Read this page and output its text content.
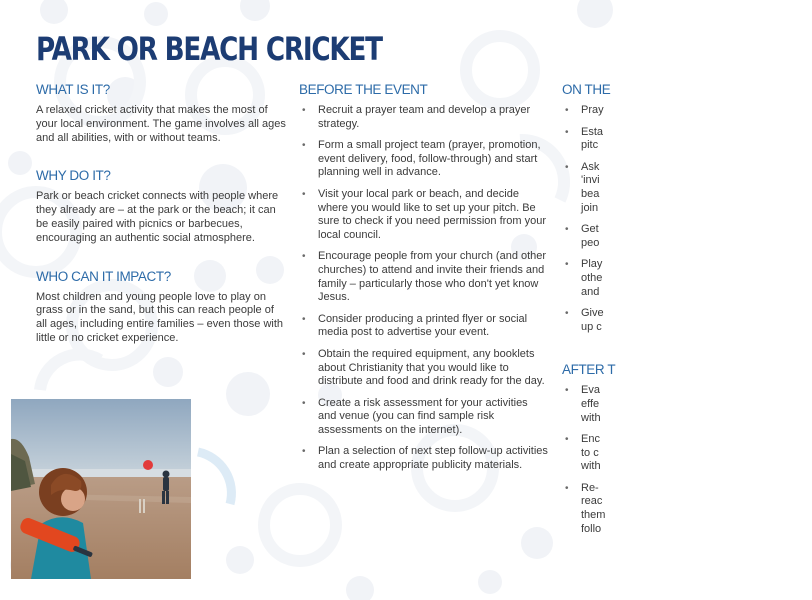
PARK OR BEACH CRICKET
WHAT IS IT?

A relaxed cricket activity that makes the most of your local environment. The game involves all ages and all abilities, with or without teams.

WHY DO IT?

Park or beach cricket connects with people where they already are – at the park or the beach; it can be easily paired with picnics or barbecues, encouraging an authentic social atmosphere.

WHO CAN IT IMPACT?

Most children and young people love to play on grass or in the sand, but this can reach people of all ages, including entire families – even those with little or no cricket experience.

BEFORE THE EVENT
• Recruit a prayer team and develop a prayer strategy.
• Form a small project team (prayer, promotion, event delivery, food, follow-through) and start planning well in advance.
• Visit your local park or beach, and decide where you would like to set up your pitch. Be sure to check if you need permission from your local council.
• Encourage people from your church (and other churches) to attend and invite their friends and family – particularly those who don't yet know Jesus.
• Consider producing a printed flyer or social media post to advertise your event.
• Obtain the required equipment, any booklets about Christianity that you would like to distribute and food and drink ready for the day.
• Create a risk assessment for your activities and venue (you can find sample risk assessments on the internet).
• Plan a selection of next step follow-up activities and create appropriate publicity materials.
ON THE
• Pray
• Esta
pitc
• Ask
'invi
bea
join
• Get
peo
• Play
othe
and
• Give
up c
AFTER T
• Eva
effe
with
• Enc
to c
with
• Re-
reac
them
follo
